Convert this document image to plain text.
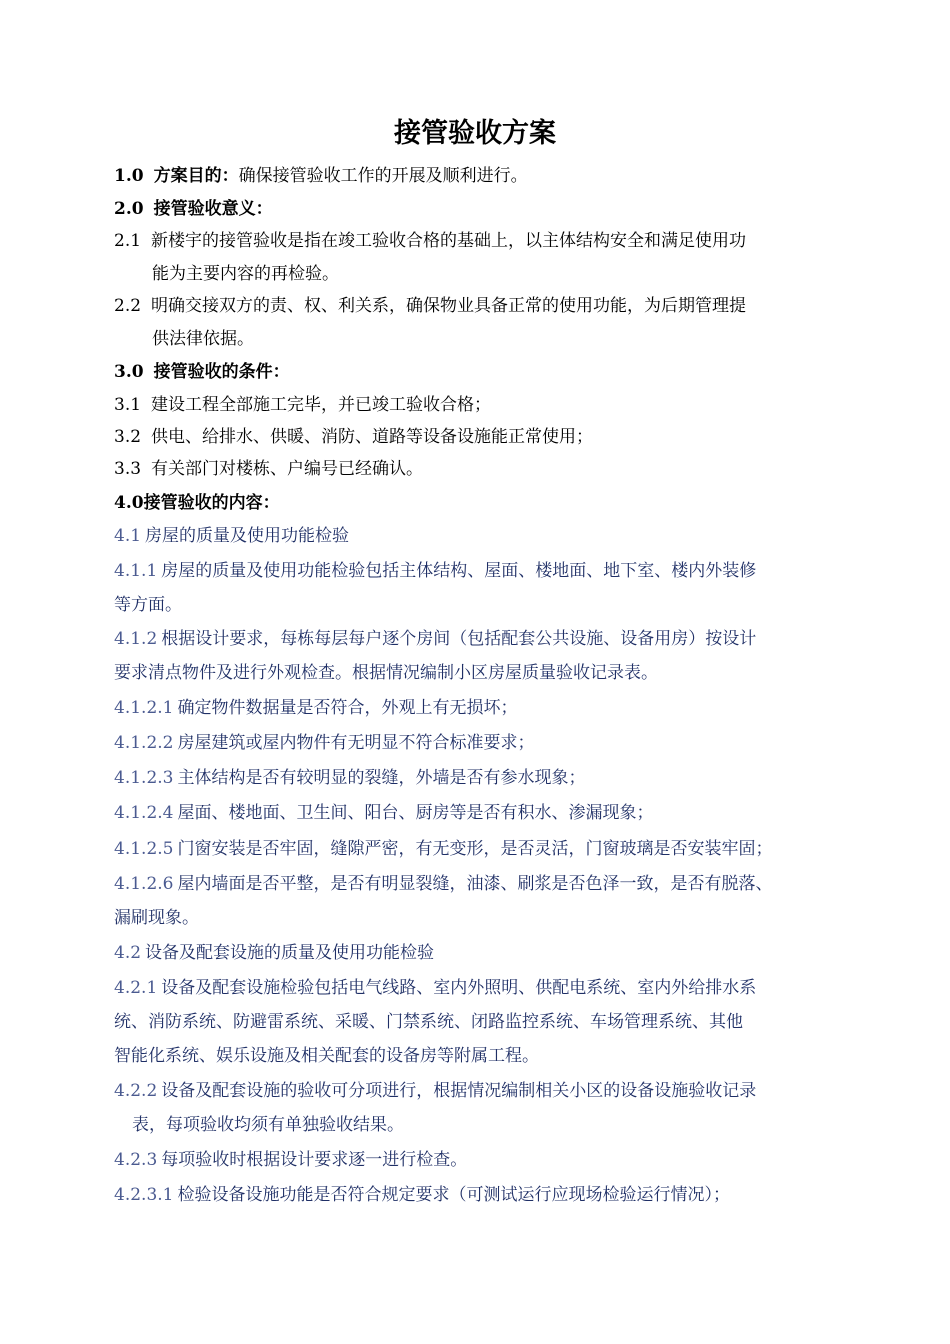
接管验收方案

1.0 方案目的：确保接管验收工作的开展及顺利进行。

2.0 接管验收意义：

2.1 新楼宇的接管验收是指在竣工验收合格的基础上，以主体结构安全和满足使用功

能为主要内容的再检验。

2.2 明确交接双方的责、权、利关系，确保物业具备正常的使用功能，为后期管理提

供法律依据。

3.0 接管验收的条件：

3.1 建设工程全部施工完毕，并已竣工验收合格；

3.2 供电、给排水、供暖、消防、道路等设备设施能正常使用；

3.3 有关部门对楼栋、户编号已经确认。

4.0接管验收的内容：

4.1 房屋的质量及使用功能检验

4.1.1 房屋的质量及使用功能检验包括主体结构、屋面、楼地面、地下室、楼内外装修

等方面。

4.1.2 根据设计要求，每栋每层每户逐个房间（包括配套公共设施、设备用房）按设计

要求清点物件及进行外观检查。根据情况编制小区房屋质量验收记录表。

4.1.2.1 确定物件数据量是否符合，外观上有无损坏；

4.1.2.2 房屋建筑或屋内物件有无明显不符合标准要求；

4.1.2.3 主体结构是否有较明显的裂缝，外墙是否有参水现象；

4.1.2.4 屋面、楼地面、卫生间、阳台、厨房等是否有积水、渗漏现象；

4.1.2.5 门窗安装是否牢固，缝隙严密，有无变形，是否灵活，门窗玻璃是否安装牢固；

4.1.2.6 屋内墙面是否平整，是否有明显裂缝，油漆、刷浆是否色泽一致，是否有脱落、

漏刷现象。

4.2 设备及配套设施的质量及使用功能检验

4.2.1 设备及配套设施检验包括电气线路、室内外照明、供配电系统、室内外给排水系

统、消防系统、防避雷系统、采暖、门禁系统、闭路监控系统、车场管理系统、其他

智能化系统、娱乐设施及相关配套的设备房等附属工程。

4.2.2 设备及配套设施的验收可分项进行，根据情况编制相关小区的设备设施验收记录

表，每项验收均须有单独验收结果。

4.2.3 每项验收时根据设计要求逐一进行检查。

4.2.3.1 检验设备设施功能是否符合规定要求（可测试运行应现场检验运行情况）；
